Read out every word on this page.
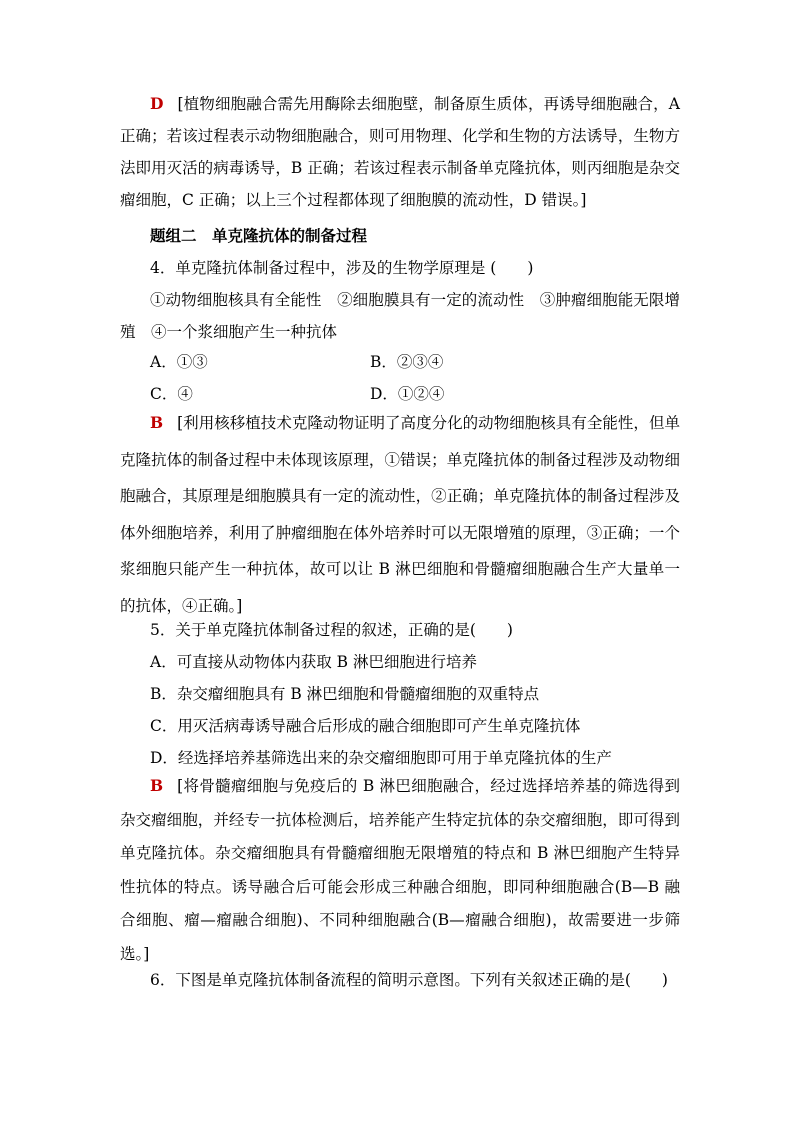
D [植物细胞融合需先用酶除去细胞壁，制备原生质体，再诱导细胞融合，A 正确；若该过程表示动物细胞融合，则可用物理、化学和生物的方法诱导，生物方法即用灭活的病毒诱导，B 正确；若该过程表示制备单克隆抗体，则丙细胞是杂交瘤细胞，C 正确；以上三个过程都体现了细胞膜的流动性，D 错误。]
题组二　单克隆抗体的制备过程
4．单克隆抗体制备过程中，涉及的生物学原理是 (　　)
①动物细胞核具有全能性　②细胞膜具有一定的流动性　③肿瘤细胞能无限增殖　④一个浆细胞产生一种抗体
A．①③	B．②③④
C．④	D．①②④
B [利用核移植技术克隆动物证明了高度分化的动物细胞核具有全能性，但单克隆抗体的制备过程中未体现该原理，①错误；单克隆抗体的制备过程涉及动物细胞融合，其原理是细胞膜具有一定的流动性，②正确；单克隆抗体的制备过程涉及体外细胞培养，利用了肿瘤细胞在体外培养时可以无限增殖的原理，③正确；一个浆细胞只能产生一种抗体，故可以让 B 淋巴细胞和骨髓瘤细胞融合生产大量单一的抗体，④正确。]
5．关于单克隆抗体制备过程的叙述，正确的是(　　)
A．可直接从动物体内获取 B 淋巴细胞进行培养
B．杂交瘤细胞具有 B 淋巴细胞和骨髓瘤细胞的双重特点
C．用灭活病毒诱导融合后形成的融合细胞即可产生单克隆抗体
D．经选择培养基筛选出来的杂交瘤细胞即可用于单克隆抗体的生产
B [将骨髓瘤细胞与免疫后的 B 淋巴细胞融合，经过选择培养基的筛选得到杂交瘤细胞，并经专一抗体检测后，培养能产生特定抗体的杂交瘤细胞，即可得到单克隆抗体。杂交瘤细胞具有骨髓瘤细胞无限增殖的特点和 B 淋巴细胞产生特异性抗体的特点。诱导融合后可能会形成三种融合细胞，即同种细胞融合(B—B 融合细胞、瘤—瘤融合细胞)、不同种细胞融合(B—瘤融合细胞)，故需要进一步筛选。]
6．下图是单克隆抗体制备流程的简明示意图。下列有关叙述正确的是(　　)
